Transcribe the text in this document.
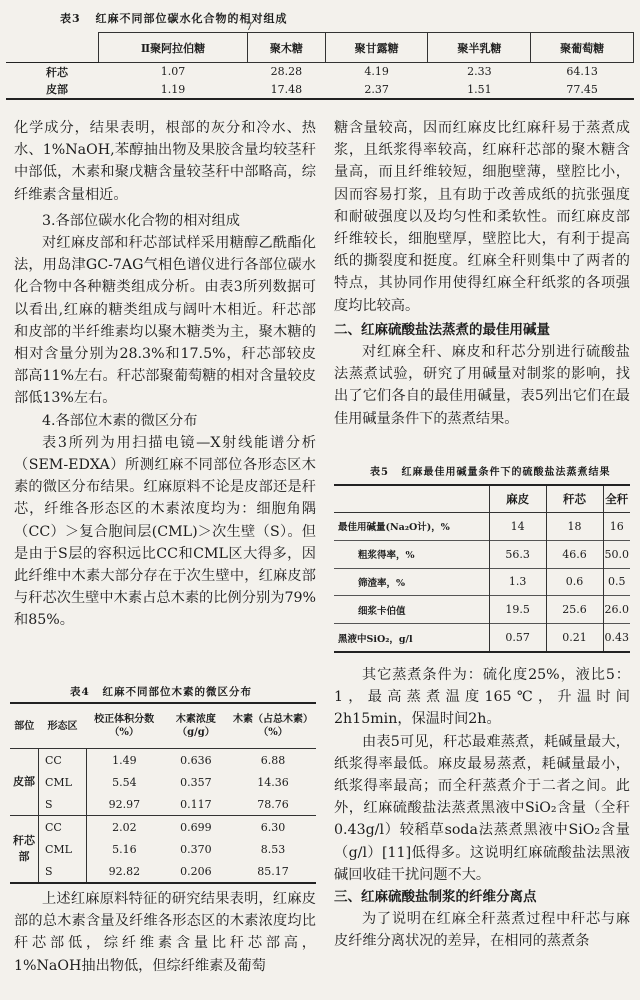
表3 红麻不同部位碳水化合物的相对组成
7
	Ⅱ聚阿拉伯糖	聚木糖	聚甘露糖	聚半乳糖	聚葡萄糖
秆芯	1.07	28.28	4.19	2.33	64.13
皮部	1.19	17.48	2.37	1.51	77.45

化学成分，结果表明，根部的灰分和冷水、热水、1%NaOH,苯醇抽出物及果胶含量均较茎秆中部低，木素和聚戊糖含量较茎秆中部略高，综纤维素含量相近。

3.各部位碳水化合物的相对组成

对红麻皮部和秆芯部试样采用糖醇乙酰酯化法，用岛津GC-7AG气相色谱仪进行各部位碳水化合物中各种糖类组成分析。由表3所列数据可以看出,红麻的糖类组成与阔叶木相近。秆芯部和皮部的半纤维素均以聚木糖类为主，聚木糖的相对含量分别为28.3%和17.5%，秆芯部较皮部高11%左右。秆芯部聚葡萄糖的相对含量较皮部低13%左右。

4.各部位木素的微区分布

表3所列为用扫描电镜—X射线能谱分析（SEM-EDXA）所测红麻不同部位各形态区木素的微区分布结果。红麻原料不论是皮部还是秆芯，纤维各形态区的木素浓度均为：细胞角隅（CC）＞复合胞间层(CML)＞次生壁（S）。但是由于S层的容积远比CC和CML区大得多，因此纤维中木素大部分存在于次生壁中，红麻皮部与秆芯次生壁中木素占总木素的比例分别为79%和85%。

表4 红麻不同部位木素的微区分布
部位	形态区	校正体积分数（%）	木素浓度（g/g）	木素（占总木素）（%）
皮部	CC	1.49	0.636	6.88
	CML	5.54	0.357	14.36
	S	92.97	0.117	78.76
秆芯部	CC	2.02	0.699	6.30
	CML	5.16	0.370	8.53
	S	92.82	0.206	85.17

上述红麻原料特征的研究结果表明，红麻皮部的总木素含量及纤维各形态区的木素浓度均比秆芯部低，综纤维素含量比秆芯部高，1%NaOH抽出物低，但综纤维素及葡萄

糖含量较高，因而红麻皮比红麻秆易于蒸煮成浆，且纸浆得率较高，红麻秆芯部的聚木糖含量高，而且纤维较短，细胞壁薄，壁腔比小，因而容易打浆，且有助于改善成纸的抗张强度和耐破强度以及均匀性和柔软性。而红麻皮部纤维较长，细胞壁厚，壁腔比大，有利于提高纸的撕裂度和挺度。红麻全秆则集中了两者的特点，其协同作用使得红麻全秆纸浆的各项强度均比较高。

二、红麻硫酸盐法蒸煮的最佳用碱量

对红麻全秆、麻皮和秆芯分别进行硫酸盐法蒸煮试验，研究了用碱量对制浆的影响，找出了它们各自的最佳用碱量，表5列出它们在最佳用碱量条件下的蒸煮结果。

表5 红麻最佳用碱量条件下的硫酸盐法蒸煮结果
	麻皮	秆芯	全秆
最佳用碱量(Na₂O计)，%	14	18	16
粗浆得率，%	56.3	46.6	50.0
筛渣率，%	1.3	0.6	0.5
细浆卡伯值	19.5	25.6	26.0
黑液中SiO₂，g/l	0.57	0.21	0.43

其它蒸煮条件为：硫化度25%，液比5：1，最高蒸煮温度165℃，升温时间2h15min，保温时间2h。

由表5可见，秆芯最难蒸煮，耗碱量最大，纸浆得率最低。麻皮最易蒸煮，耗碱量最小，纸浆得率最高；而全秆蒸煮介于二者之间。此外，红麻硫酸盐法蒸煮黑液中SiO₂含量（全秆0.43g/l）较稻草soda法蒸煮黑液中SiO₂含量（g/l）[11]低得多。这说明红麻硫酸盐法黑液碱回收硅干扰问题不大。

三、红麻硫酸盐制浆的纤维分离点

为了说明在红麻全秆蒸煮过程中秆芯与麻皮纤维分离状况的差异，在相同的蒸煮条
